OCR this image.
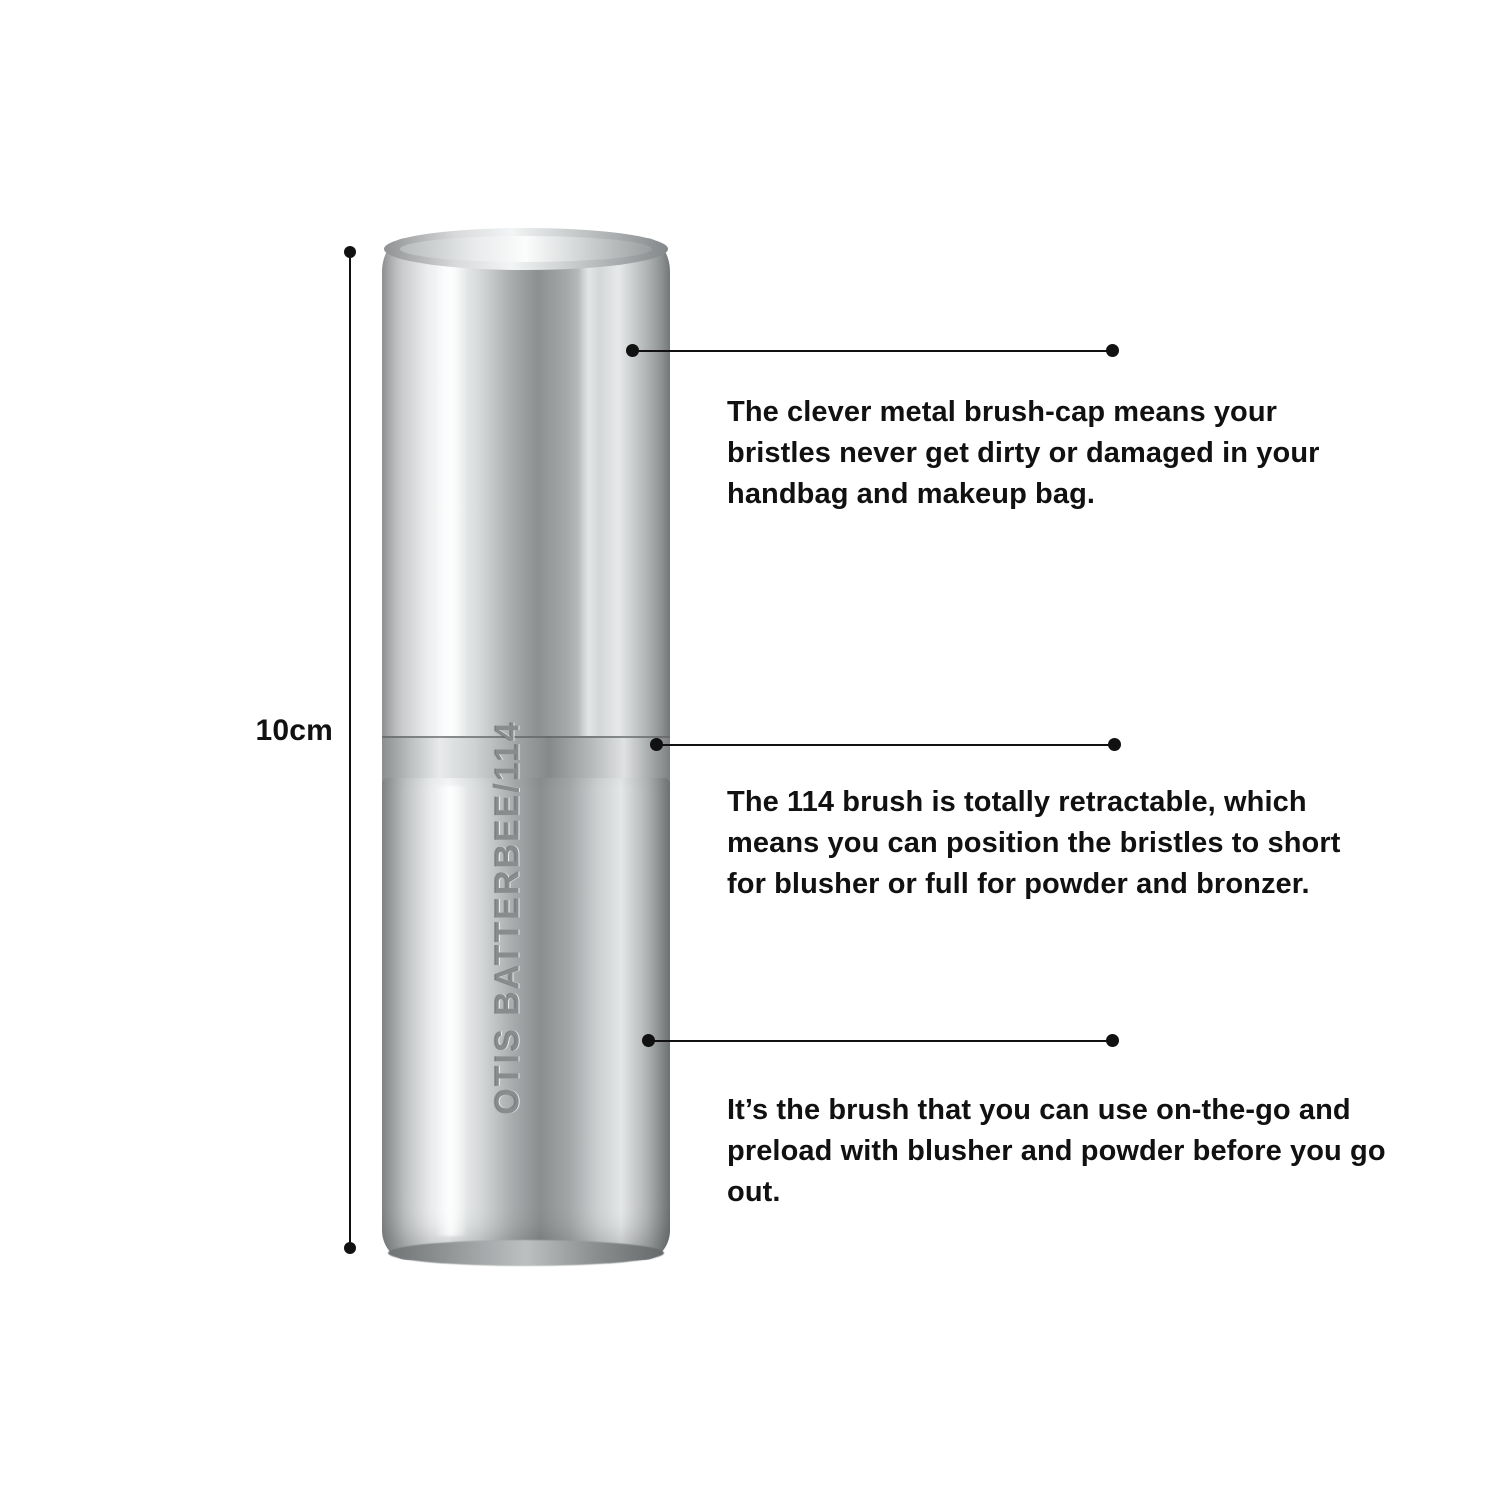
10cm	OTIS BATTERBEE/114
The clever metal brush-cap means your bristles never get dirty or damaged in your handbag and makeup bag.
The 114 brush is totally retractable, which means you can position the bristles to short for blusher or full for powder and bronzer.
It’s the brush that you can use on-the-go and preload with blusher and powder before you go out.
